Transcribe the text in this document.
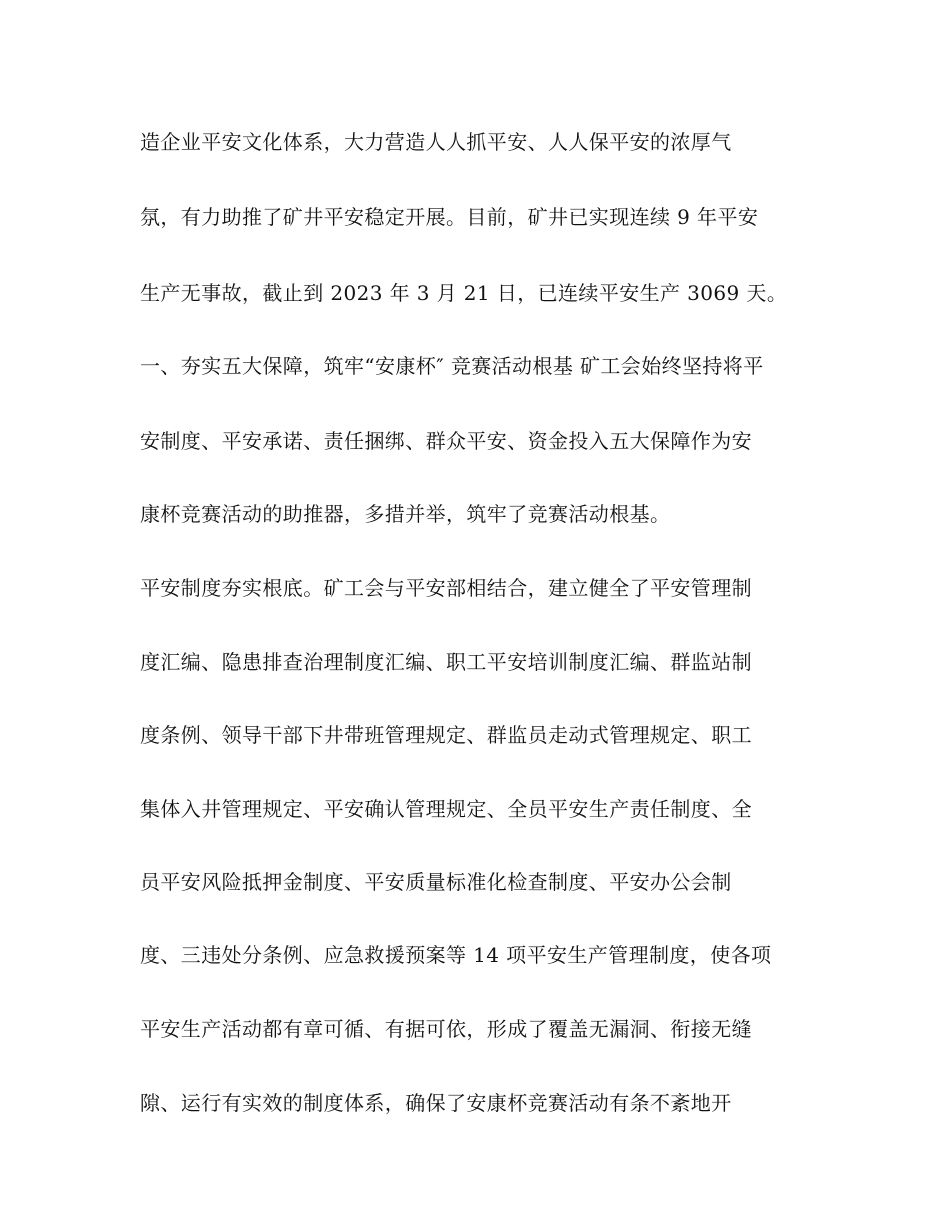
造企业平安文化体系，大力营造人人抓平安、人人保平安的浓厚气
氛，有力助推了矿井平安稳定开展。目前，矿井已实现连续 9 年平安
生产无事故，截止到 2023 年 3 月 21 日，已连续平安生产 3069 天。
一、夯实五大保障，筑牢“安康杯″ 竞赛活动根基 矿工会始终坚持将平
安制度、平安承诺、责任捆绑、群众平安、资金投入五大保障作为安
康杯竞赛活动的助推器，多措并举，筑牢了竞赛活动根基。
平安制度夯实根底。矿工会与平安部相结合，建立健全了平安管理制
度汇编、隐患排查治理制度汇编、职工平安培训制度汇编、群监站制
度条例、领导干部下井带班管理规定、群监员走动式管理规定、职工
集体入井管理规定、平安确认管理规定、全员平安生产责任制度、全
员平安风险抵押金制度、平安质量标准化检查制度、平安办公会制
度、三违处分条例、应急救援预案等 14 项平安生产管理制度，使各项
平安生产活动都有章可循、有据可依，形成了覆盖无漏洞、衔接无缝
隙、运行有实效的制度体系，确保了安康杯竞赛活动有条不紊地开
